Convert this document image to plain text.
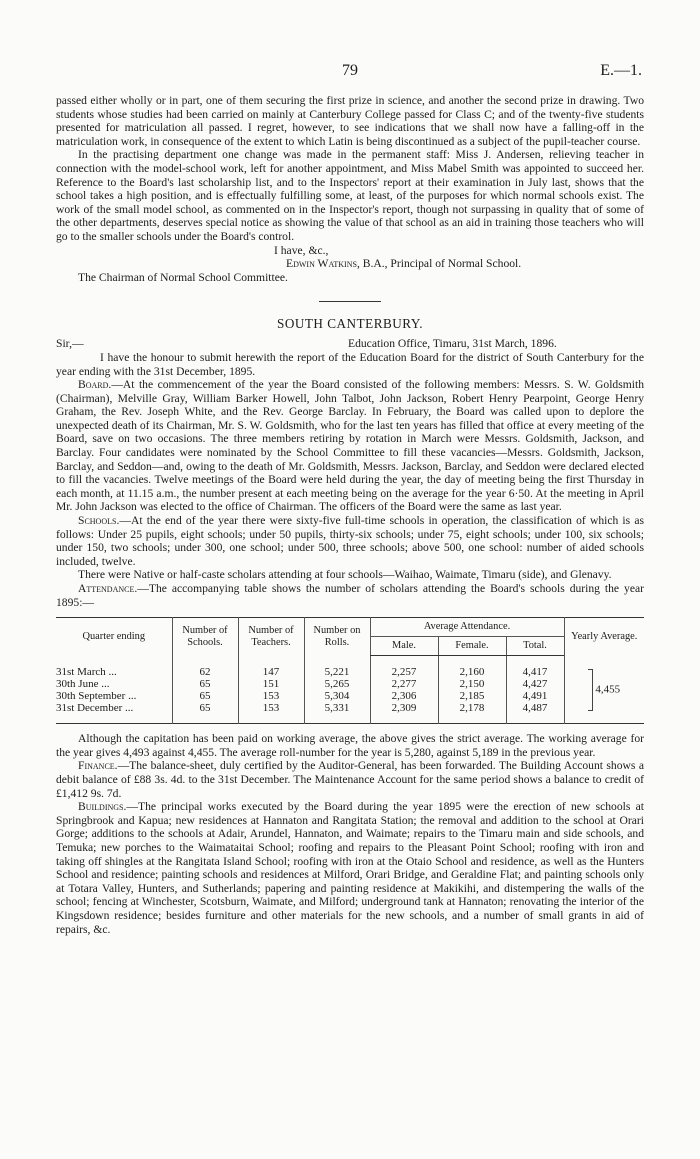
79	E.—1.

passed either wholly or in part, one of them securing the first prize in science, and another the second prize in drawing. Two students whose studies had been carried on mainly at Canterbury College passed for Class C; and of the twenty-five students presented for matriculation all passed. I regret, however, to see indications that we shall now have a falling-off in the matriculation work, in consequence of the extent to which Latin is being discontinued as a subject of the pupil-teacher course.

In the practising department one change was made in the permanent staff: Miss J. Andersen, relieving teacher in connection with the model-school work, left for another appointment, and Miss Mabel Smith was appointed to succeed her. Reference to the Board's last scholarship list, and to the Inspectors' report at their examination in July last, shows that the school takes a high position, and is effectually fulfilling some, at least, of the purposes for which normal schools exist. The work of the small model school, as commented on in the Inspector's report, though not surpassing in quality that of some of the other departments, deserves special notice as showing the value of that school as an aid in training those teachers who will go to the smaller schools under the Board's control.

I have, &c.,

Edwin Watkins, B.A., Principal of Normal School.

The Chairman of Normal School Committee.

SOUTH CANTERBURY.
Sir,—	Education Office, Timaru, 31st March, 1896.

I have the honour to submit herewith the report of the Education Board for the district of South Canterbury for the year ending with the 31st December, 1895.

Board.—At the commencement of the year the Board consisted of the following members: Messrs. S. W. Goldsmith (Chairman), Melville Gray, William Barker Howell, John Talbot, John Jackson, Robert Henry Pearpoint, George Henry Graham, the Rev. Joseph White, and the Rev. George Barclay. In February, the Board was called upon to deplore the unexpected death of its Chairman, Mr. S. W. Goldsmith, who for the last ten years has filled that office at every meeting of the Board, save on two occasions. The three members retiring by rotation in March were Messrs. Goldsmith, Jackson, and Barclay. Four candidates were nominated by the School Committee to fill these vacancies—Messrs. Goldsmith, Jackson, Barclay, and Seddon—and, owing to the death of Mr. Goldsmith, Messrs. Jackson, Barclay, and Seddon were declared elected to fill the vacancies. Twelve meetings of the Board were held during the year, the day of meeting being the first Thursday in each month, at 11.15 a.m., the number present at each meeting being on the average for the year 6·50. At the meeting in April Mr. John Jackson was elected to the office of Chairman. The officers of the Board were the same as last year.

Schools.—At the end of the year there were sixty-five full-time schools in operation, the classification of which is as follows: Under 25 pupils, eight schools; under 50 pupils, thirty-six schools; under 75, eight schools; under 100, six schools; under 150, two schools; under 300, one school; under 500, three schools; above 500, one school: number of aided schools included, twelve.

There were Native or half-caste scholars attending at four schools—Waihao, Waimate, Timaru (side), and Glenavy.

Attendance.—The accompanying table shows the number of scholars attending the Board's schools during the year 1895:—

Quarter ending	Number of Schools.	Number of Teachers.	Number on Rolls.	Average Attendance.			Yearly Average.
				Male.	Female.	Total.	

31st March ...	62	147	5,221	2,257	2,160	4,417	4,455
30th June ...	65	151	5,265	2,277	2,150	4,427	
30th September ...	65	153	5,304	2,306	2,185	4,491	
31st December ...	65	153	5,331	2,309	2,178	4,487	

Although the capitation has been paid on working average, the above gives the strict average. The working average for the year gives 4,493 against 4,455. The average roll-number for the year is 5,280, against 5,189 in the previous year.

Finance.—The balance-sheet, duly certified by the Auditor-General, has been forwarded. The Building Account shows a debit balance of £88 3s. 4d. to the 31st December. The Maintenance Account for the same period shows a balance to credit of £1,412 9s. 7d.

Buildings.—The principal works executed by the Board during the year 1895 were the erection of new schools at Springbrook and Kapua; new residences at Hannaton and Rangitata Station; the removal and addition to the school at Orari Gorge; additions to the schools at Adair, Arundel, Hannaton, and Waimate; repairs to the Timaru main and side schools, and Temuka; new porches to the Waimataitai School; roofing and repairs to the Pleasant Point School; roofing with iron and taking off shingles at the Rangitata Island School; roofing with iron at the Otaio School and residence, as well as the Hunters School and residence; painting schools and residences at Milford, Orari Bridge, and Geraldine Flat; and painting schools only at Totara Valley, Hunters, and Sutherlands; papering and painting residence at Makikihi, and distempering the walls of the school; fencing at Winchester, Scotsburn, Waimate, and Milford; underground tank at Hannaton; renovating the interior of the Kingsdown residence; besides furniture and other materials for the new schools, and a number of small grants in aid of repairs, &c.
